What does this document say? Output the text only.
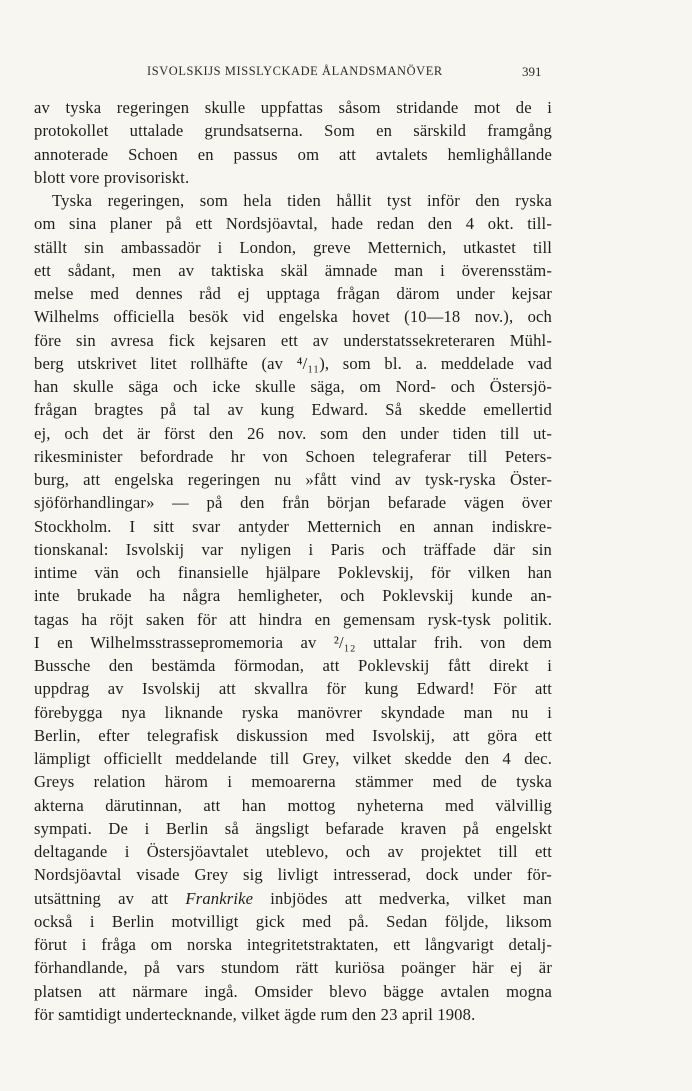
ISVOLSKIJS MISSLYCKADE ÅLANDSMANÖVER	391
av tyska regeringen skulle uppfattas såsom stridande mot de i
protokollet uttalade grundsatserna. Som en särskild framgång
annoterade Schoen en passus om att avtalets hemlighållande
blott vore provisoriskt.
Tyska regeringen, som hela tiden hållit tyst inför den ryska
om sina planer på ett Nordsjöavtal, hade redan den 4 okt. till-
ställt sin ambassadör i London, greve Metternich, utkastet till
ett sådant, men av taktiska skäl ämnade man i överensstäm-
melse med dennes råd ej upptaga frågan därom under kejsar
Wilhelms officiella besök vid engelska hovet (10—18 nov.), och
före sin avresa fick kejsaren ett av understatssekreteraren Mühl-
berg utskrivet litet rollhäfte (av ⁴/₁₁), som bl. a. meddelade vad
han skulle säga och icke skulle säga, om Nord- och Östersjö-
frågan bragtes på tal av kung Edward. Så skedde emellertid
ej, och det är först den 26 nov. som den under tiden till ut-
rikesminister befordrade hr von Schoen telegraferar till Peters-
burg, att engelska regeringen nu »fått vind av tysk-ryska Öster-
sjöförhandlingar» — på den från början befarade vägen över
Stockholm. I sitt svar antyder Metternich en annan indiskre-
tionskanal: Isvolskij var nyligen i Paris och träffade där sin
intime vän och finansielle hjälpare Poklevskij, för vilken han
inte brukade ha några hemligheter, och Poklevskij kunde an-
tagas ha röjt saken för att hindra en gemensam rysk-tysk politik.
I en Wilhelmsstrassepromemoria av ²/₁₂ uttalar frih. von dem
Bussche den bestämda förmodan, att Poklevskij fått direkt i
uppdrag av Isvolskij att skvallra för kung Edward! För att
förebygga nya liknande ryska manövrer skyndade man nu i
Berlin, efter telegrafisk diskussion med Isvolskij, att göra ett
lämpligt officiellt meddelande till Grey, vilket skedde den 4 dec.
Greys relation härom i memoarerna stämmer med de tyska
akterna därutinnan, att han mottog nyheterna med välvillig
sympati. De i Berlin så ängsligt befarade kraven på engelskt
deltagande i Östersjöavtalet uteblevo, och av projektet till ett
Nordsjöavtal visade Grey sig livligt intresserad, dock under för-
utsättning av att Frankrike inbjödes att medverka, vilket man
också i Berlin motvilligt gick med på. Sedan följde, liksom
förut i fråga om norska integritetstraktaten, ett långvarigt detalj-
förhandlande, på vars stundom rätt kuriösa poänger här ej är
platsen att närmare ingå. Omsider blevo bägge avtalen mogna
för samtidigt undertecknande, vilket ägde rum den 23 april 1908.
